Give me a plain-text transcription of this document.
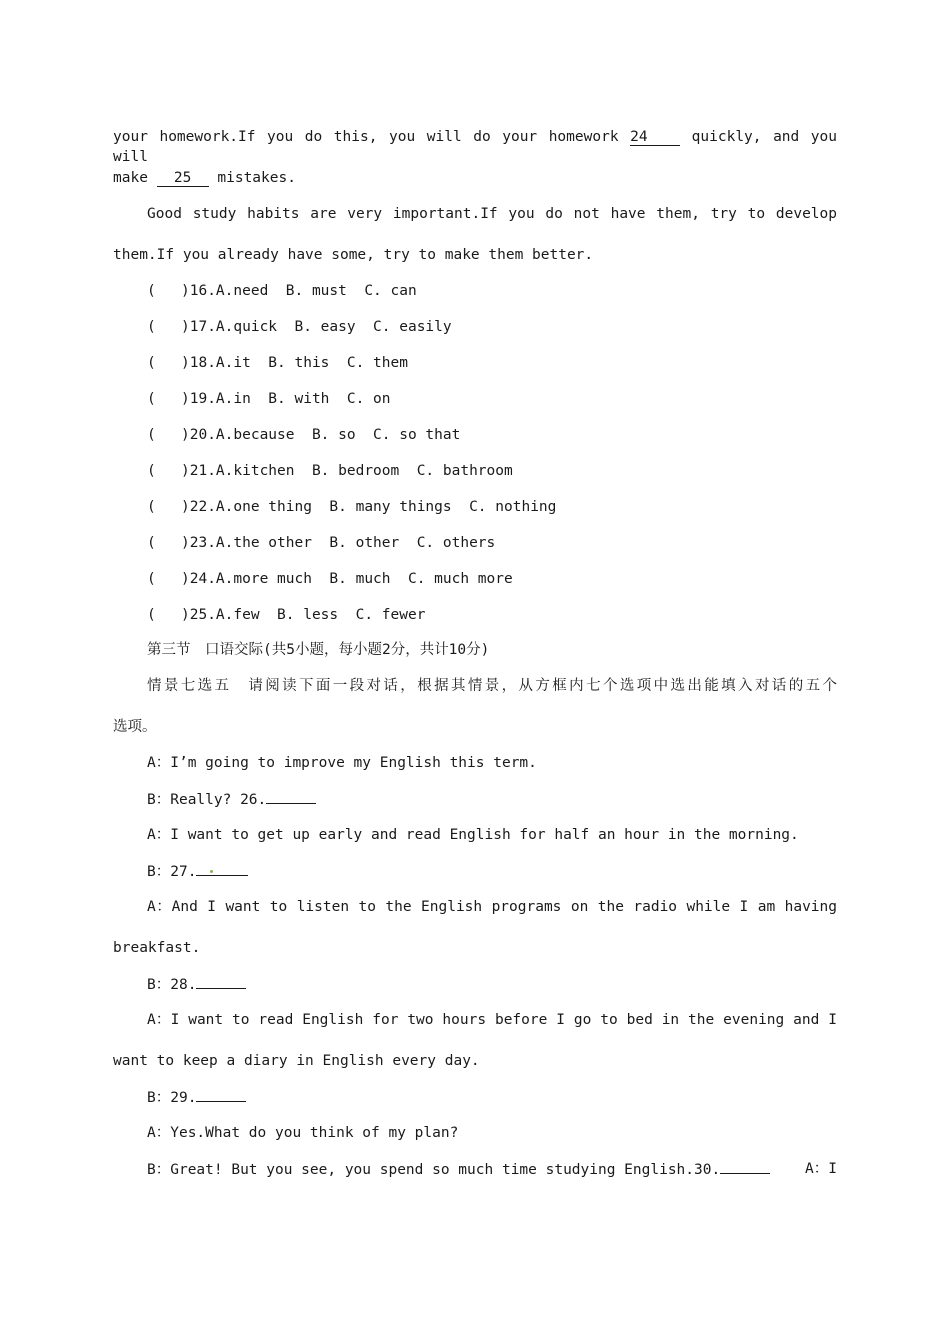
your homework.If you do this, you will do your homework 24	quickly, and you will
make 25 mistakes.
Good study habits are very important.If you do not have them, try to develop
them.If you already have some, try to make them better.
( )16.A.need  B. must  C. can
( )17.A.quick  B. easy  C. easily
( )18.A.it  B. this  C. them
( )19.A.in  B. with  C. on
( )20.A.because  B. so  C. so that
( )21.A.kitchen  B. bedroom  C. bathroom
( )22.A.one thing  B. many things  C. nothing
( )23.A.the other  B. other  C. others
( )24.A.more much  B. much  C. much more
( )25.A.few  B. less  C. fewer
第三节　口语交际(共5小题，每小题2分，共计10分)
情景七选五　请阅读下面一段对话，根据其情景，从方框内七个选项中选出能填入对话的五个
选项。
A：I’m going to improve my English this term.
B：Really? 26.
A：I want to get up early and read English for half an hour in the morning.
B：27.
A：And I want to listen to the English programs on the radio while I am having
breakfast.
B：28.
A：I want to read English for two hours before I go to bed in the evening and I
want to keep a diary in English every day.
B：29.
A：Yes.What do you think of my plan?
B：Great! But you see, you spend so much time studying English.30.	A：I
